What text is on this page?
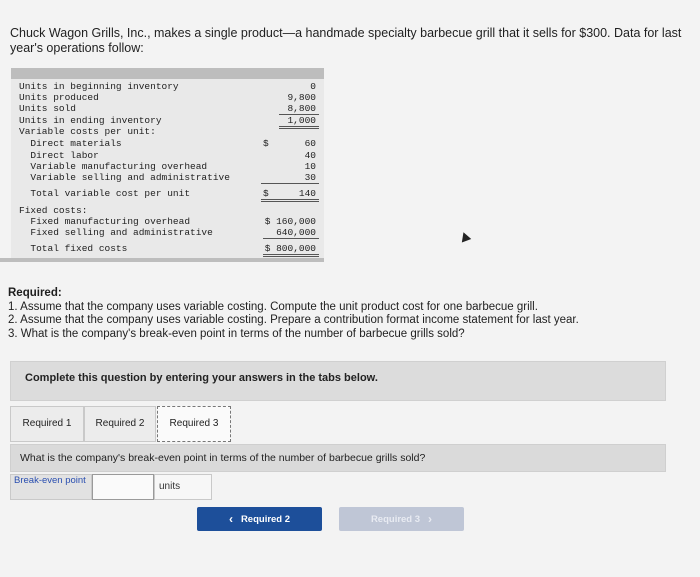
Chuck Wagon Grills, Inc., makes a single product—a handmade specialty barbecue grill that it sells for $300. Data for last year's operations follow:
Units in beginning inventory	0
Units produced	9,800
Units sold	8,800
Units in ending inventory	1,000
Variable costs per unit:
Direct materials	$	60
Direct labor	40
Variable manufacturing overhead	10
Variable selling and administrative	30
Total variable cost per unit	$	140
Fixed costs:
Fixed manufacturing overhead	$ 160,000
Fixed selling and administrative	640,000
Total fixed costs	$ 800,000
Required:
1. Assume that the company uses variable costing. Compute the unit product cost for one barbecue grill.
2. Assume that the company uses variable costing. Prepare a contribution format income statement for last year.
3. What is the company's break-even point in terms of the number of barbecue grills sold?
Complete this question by entering your answers in the tabs below.
Required 1	Required 2	Required 3
What is the company's break-even point in terms of the number of barbecue grills sold?
Break-even point
units
‹ Required 2	Required 3 ›
